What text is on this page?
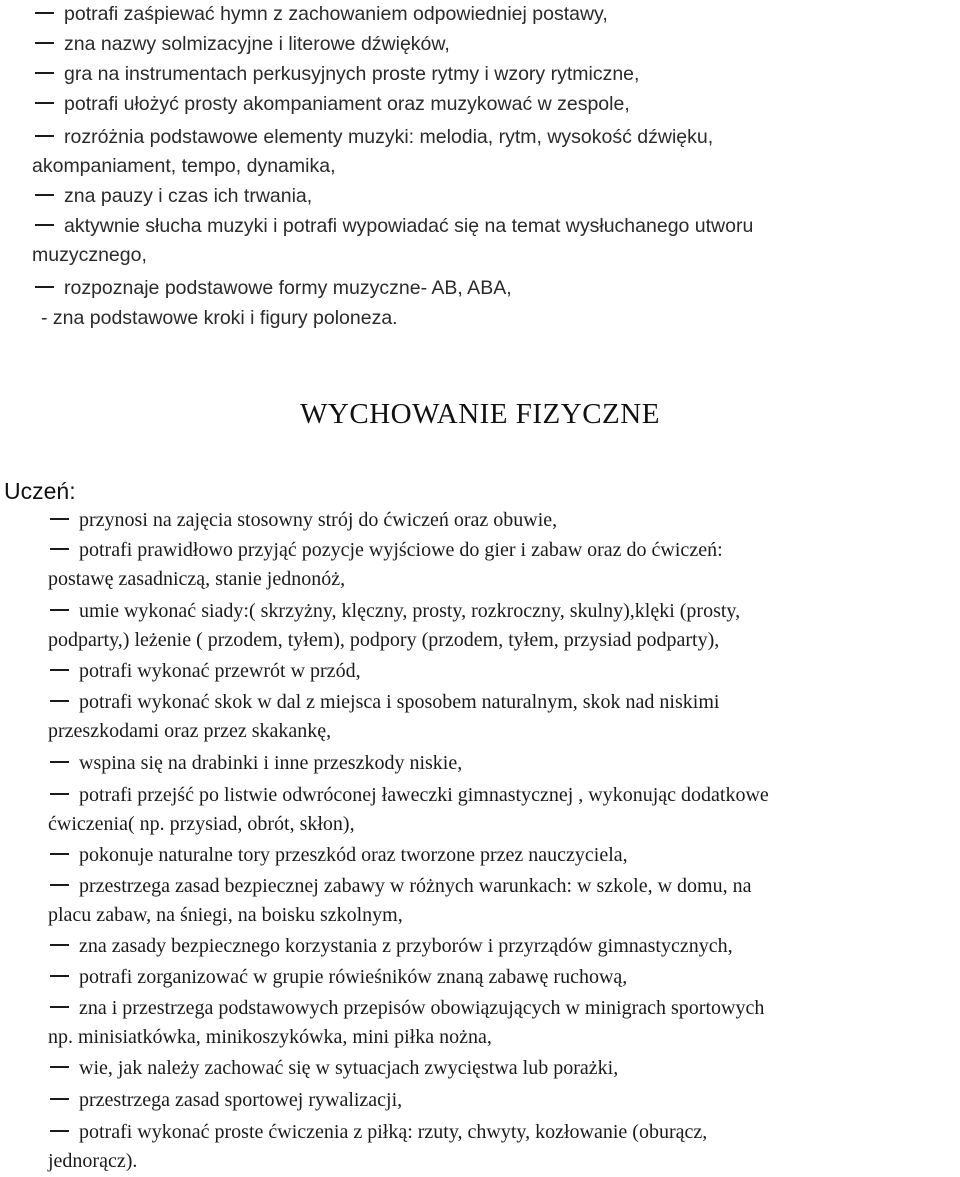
potrafi zaśpiewać hymn z zachowaniem odpowiedniej postawy,
zna nazwy solmizacyjne i literowe dźwięków,
gra na instrumentach perkusyjnych proste rytmy i wzory rytmiczne,
potrafi ułożyć prosty akompaniament oraz muzykować w zespole,
rozróżnia podstawowe elementy muzyki: melodia, rytm, wysokość dźwięku,
akompaniament, tempo, dynamika,
zna pauzy i czas ich trwania,
aktywnie słucha muzyki i potrafi wypowiadać się na temat wysłuchanego utworu
muzycznego,
rozpoznaje podstawowe formy muzyczne- AB, ABA,
- zna podstawowe kroki i figury poloneza.
WYCHOWANIE FIZYCZNE
Uczeń:
przynosi na zajęcia stosowny strój do ćwiczeń oraz obuwie,
potrafi prawidłowo przyjąć pozycje wyjściowe do gier i zabaw oraz do ćwiczeń:
postawę zasadniczą, stanie jednonóż,
umie wykonać siady:( skrzyżny, klęczny, prosty, rozkroczny, skulny),klęki (prosty,
podparty,) leżenie ( przodem, tyłem), podpory (przodem, tyłem, przysiad podparty),
potrafi wykonać przewrót w przód,
potrafi wykonać skok w dal z miejsca i sposobem naturalnym, skok nad niskimi
przeszkodami oraz przez skakankę,
wspina się na drabinki i inne przeszkody niskie,
potrafi przejść po listwie odwróconej ławeczki gimnastycznej , wykonując dodatkowe
ćwiczenia( np. przysiad, obrót, skłon),
pokonuje naturalne tory przeszkód oraz tworzone przez nauczyciela,
przestrzega zasad bezpiecznej zabawy w różnych warunkach: w szkole, w domu, na
placu zabaw, na śniegi, na boisku szkolnym,
zna zasady bezpiecznego korzystania z przyborów i przyrządów gimnastycznych,
potrafi zorganizować w grupie rówieśników znaną zabawę ruchową,
zna i przestrzega podstawowych przepisów obowiązujących w minigrach sportowych
np. minisiatkówka, minikoszykówka, mini piłka nożna,
wie, jak należy zachować się w sytuacjach zwycięstwa lub porażki,
przestrzega zasad sportowej rywalizacji,
potrafi wykonać proste ćwiczenia z piłką: rzuty, chwyty, kozłowanie (oburącz,
jednorącz).
